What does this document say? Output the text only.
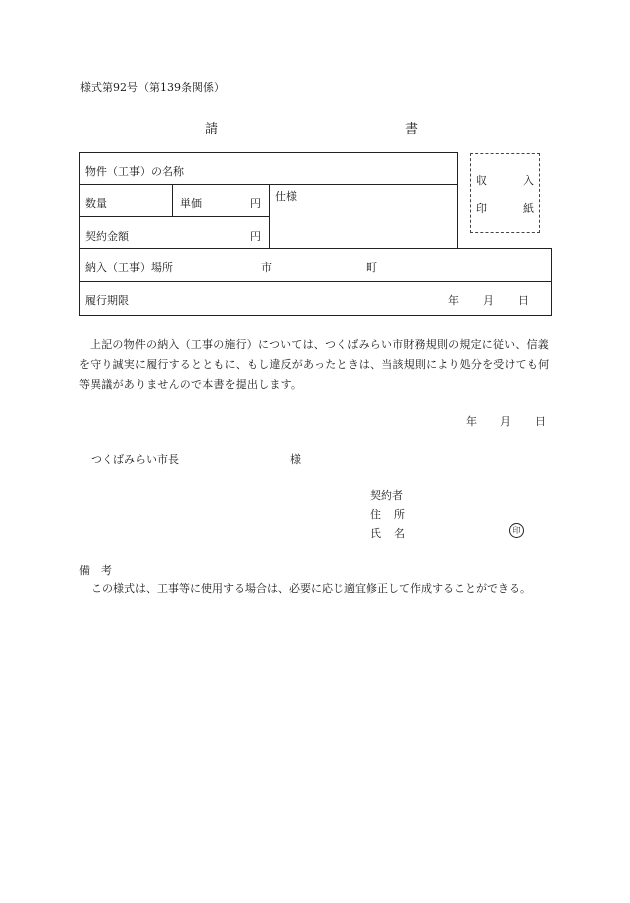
様式第92号（第139条関係）
請	書
物件（工事）の名称
数量	単価	円
仕様
契約金額	円
収	入
印	紙
納入（工事）場所	市	町
履行期限	年 月 日
上記の物件の納入（工事の施行）については、つくばみらい市財務規則の規定に従い、信義を守り誠実に履行するとともに、もし違反があったときは、当該規則により処分を受けても何等異議がありませんので本書を提出します。
年 月 日
つくばみらい市長	様
契約者
住 所
氏 名	印
備　考
この様式は、工事等に使用する場合は、必要に応じ適宜修正して作成することができる。
